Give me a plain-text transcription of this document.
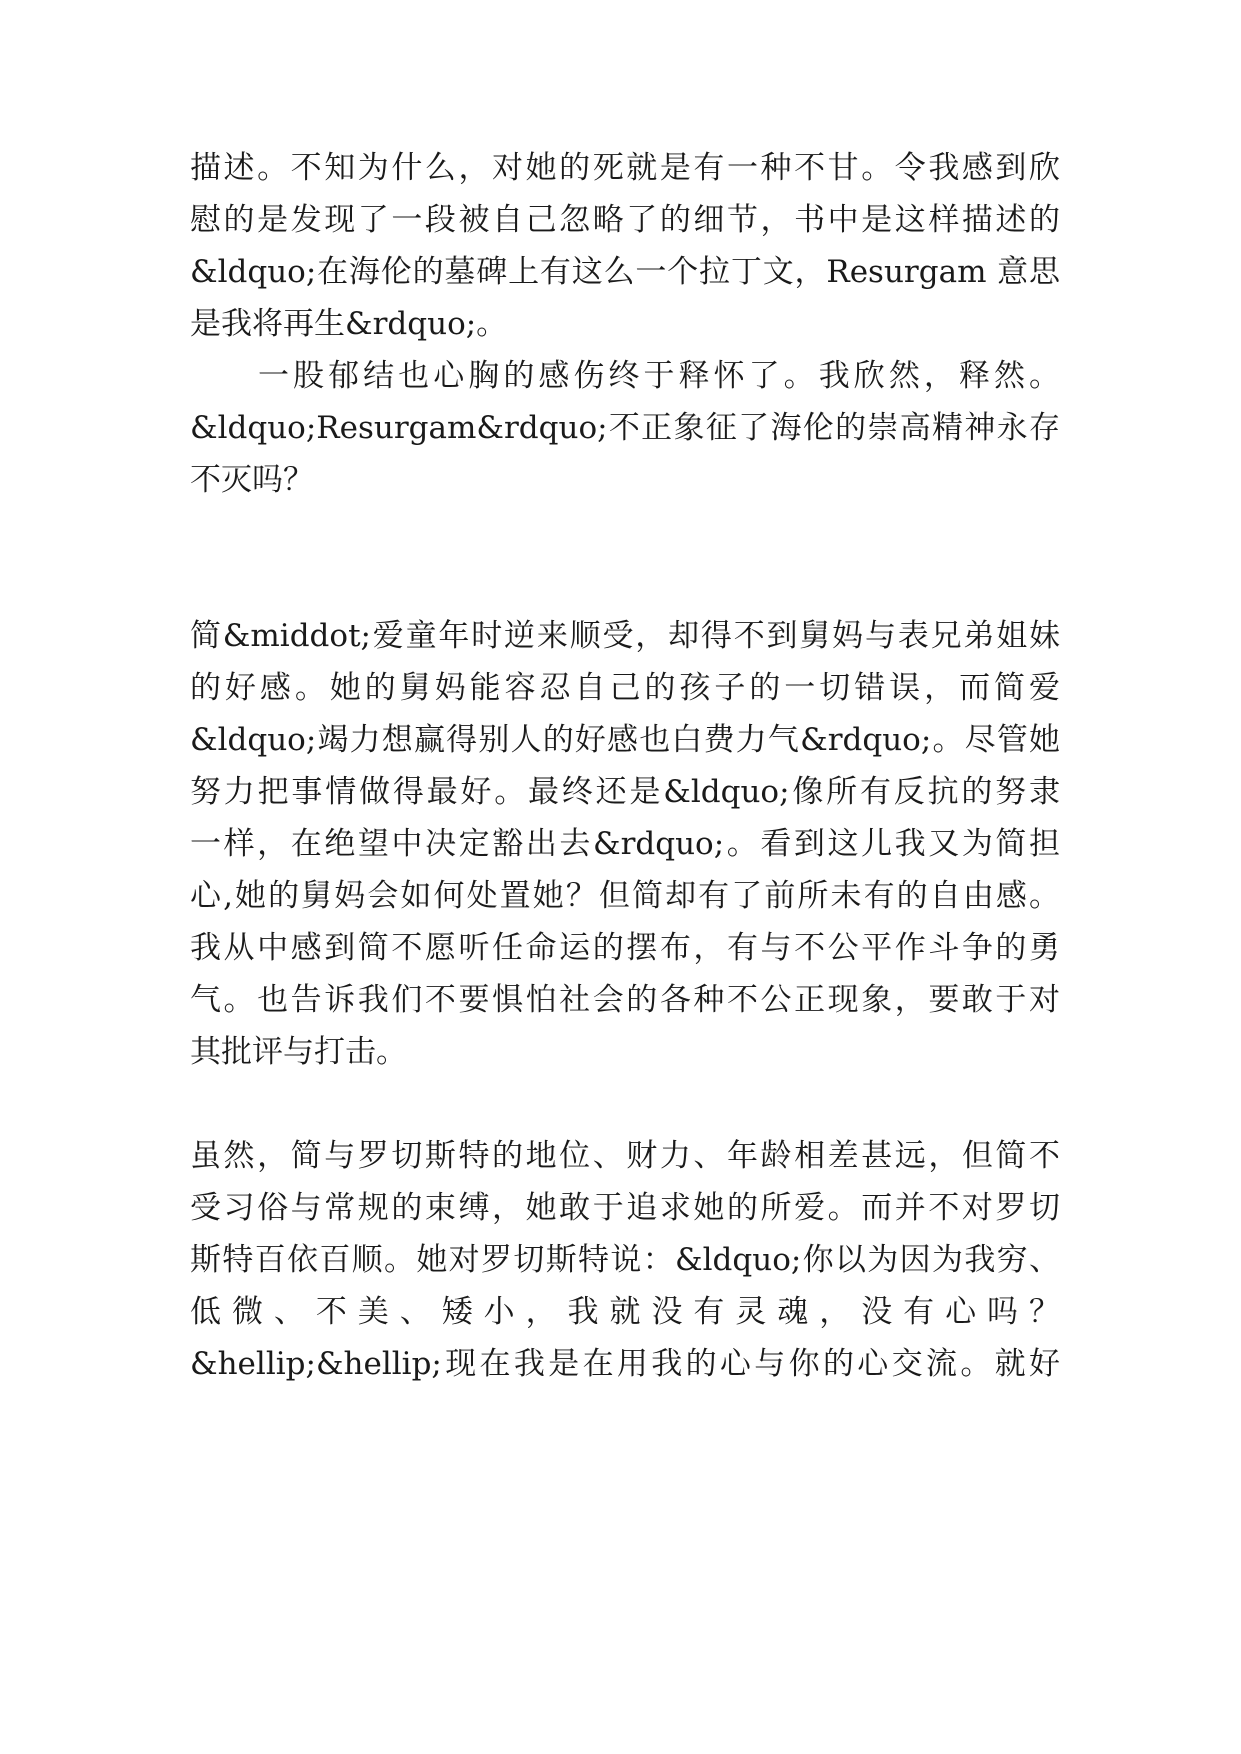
描述。不知为什么，对她的死就是有一种不甘。令我感到欣
慰的是发现了一段被自己忽略了的细节，书中是这样描述的
&ldquo;在海伦的墓碑上有这么一个拉丁文，Resurgam 意思
是我将再生&rdquo;。
一股郁结也心胸的感伤终于释怀了。我欣然，释然。
&ldquo;Resurgam&rdquo;不正象征了海伦的崇高精神永存
不灭吗？
简&middot;爱童年时逆来顺受，却得不到舅妈与表兄弟姐妹
的好感。她的舅妈能容忍自己的孩子的一切错误，而简爱
&ldquo;竭力想赢得别人的好感也白费力气&rdquo;。尽管她
努力把事情做得最好。最终还是&ldquo;像所有反抗的努隶
一样，在绝望中决定豁出去&rdquo;。看到这儿我又为简担
心,她的舅妈会如何处置她？但简却有了前所未有的自由感。
我从中感到简不愿听任命运的摆布，有与不公平作斗争的勇
气。也告诉我们不要惧怕社会的各种不公正现象，要敢于对
其批评与打击。
虽然，简与罗切斯特的地位、财力、年龄相差甚远，但简不
受习俗与常规的束缚，她敢于追求她的所爱。而并不对罗切
斯特百依百顺。她对罗切斯特说：&ldquo;你以为因为我穷、
低微、不美、矮小，我就没有灵魂，没有心吗？
&hellip;&hellip;现在我是在用我的心与你的心交流。就好
